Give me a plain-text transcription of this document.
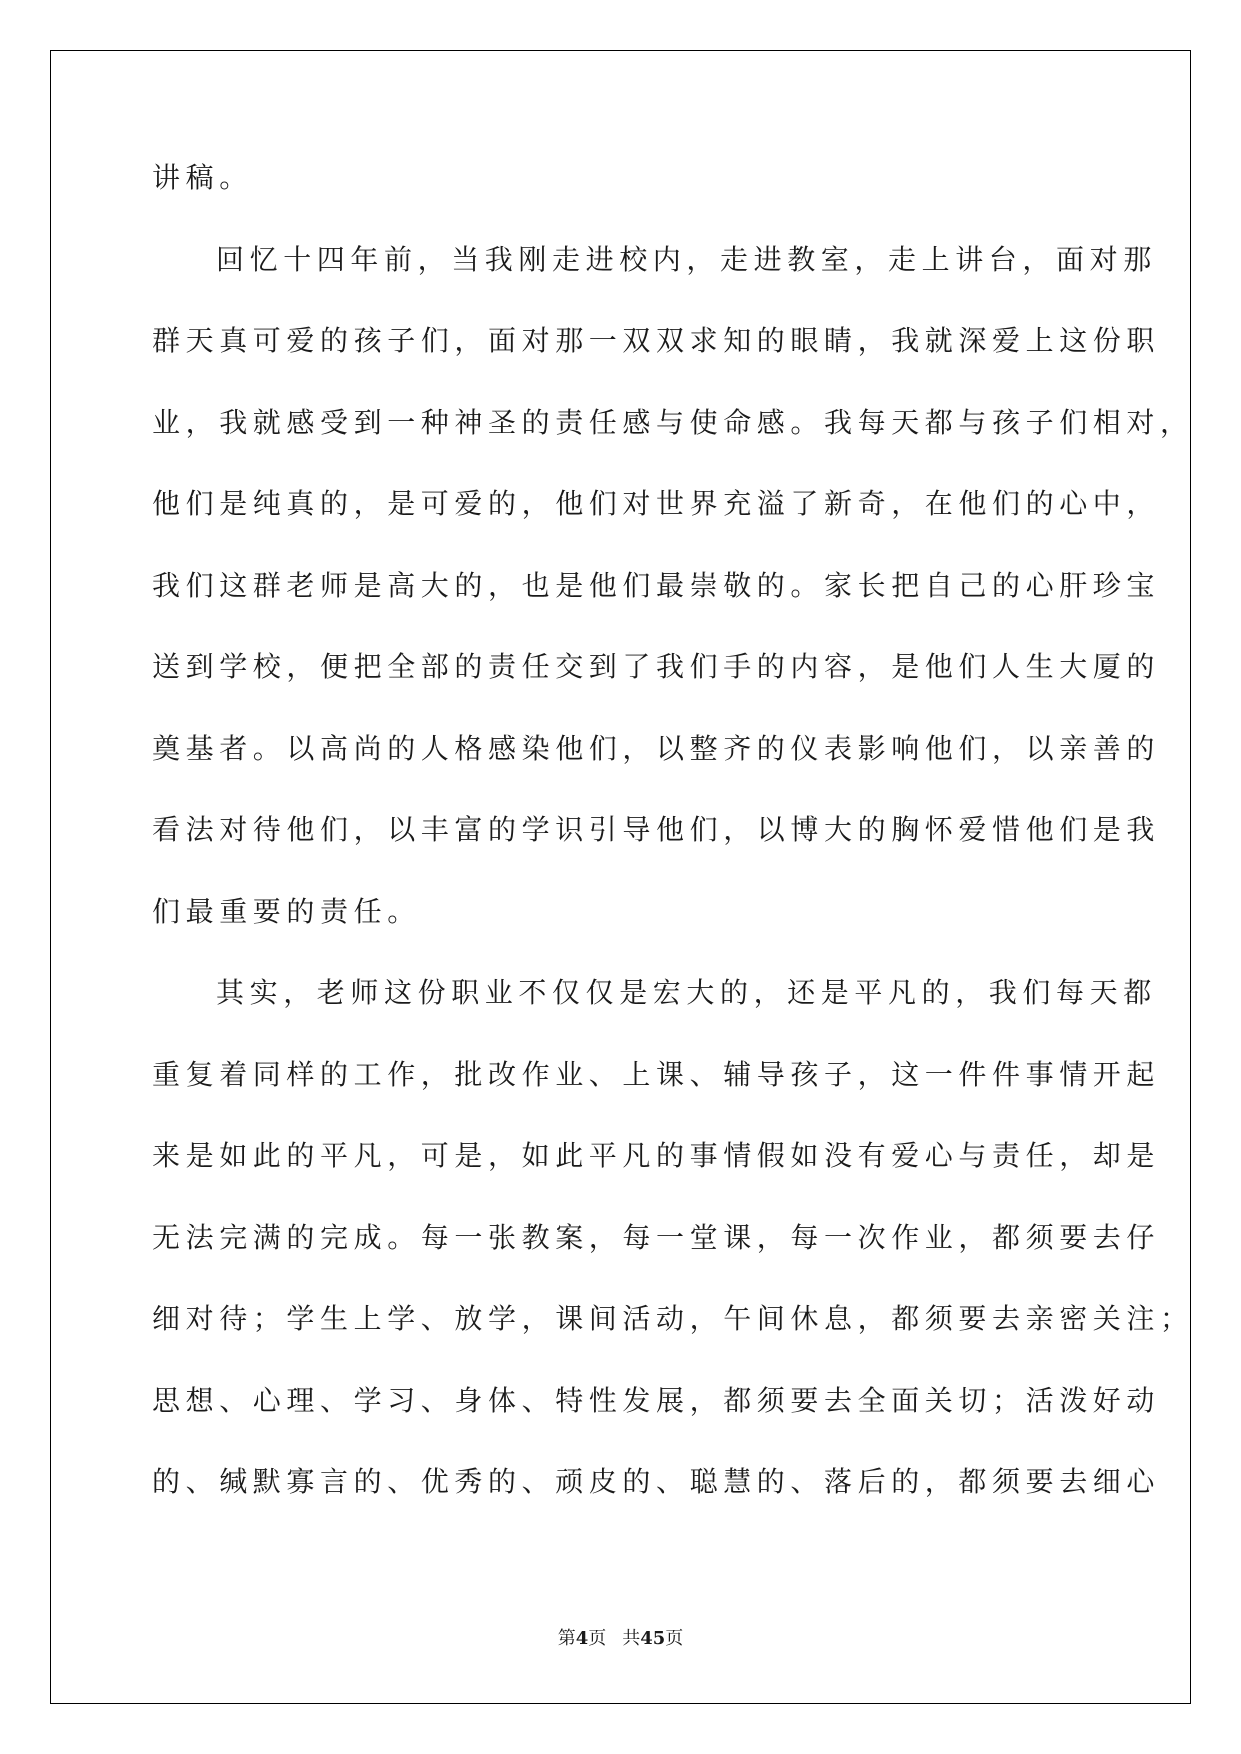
讲稿。
回忆十四年前，当我刚走进校内，走进教室，走上讲台，面对那
群天真可爱的孩子们，面对那一双双求知的眼睛，我就深爱上这份职
业，我就感受到一种神圣的责任感与使命感。我每天都与孩子们相对，
他们是纯真的，是可爱的，他们对世界充溢了新奇，在他们的心中，
我们这群老师是高大的，也是他们最崇敬的。家长把自己的心肝珍宝
送到学校，便把全部的责任交到了我们手的内容，是他们人生大厦的
奠基者。以高尚的人格感染他们，以整齐的仪表影响他们，以亲善的
看法对待他们，以丰富的学识引导他们，以博大的胸怀爱惜他们是我
们最重要的责任。
其实，老师这份职业不仅仅是宏大的，还是平凡的，我们每天都
重复着同样的工作，批改作业、上课、辅导孩子，这一件件事情开起
来是如此的平凡，可是，如此平凡的事情假如没有爱心与责任，却是
无法完满的完成。每一张教案，每一堂课，每一次作业，都须要去仔
细对待；学生上学、放学，课间活动，午间休息，都须要去亲密关注；
思想、心理、学习、身体、特性发展，都须要去全面关切；活泼好动
的、缄默寡言的、优秀的、顽皮的、聪慧的、落后的，都须要去细心
第4页 共45页
